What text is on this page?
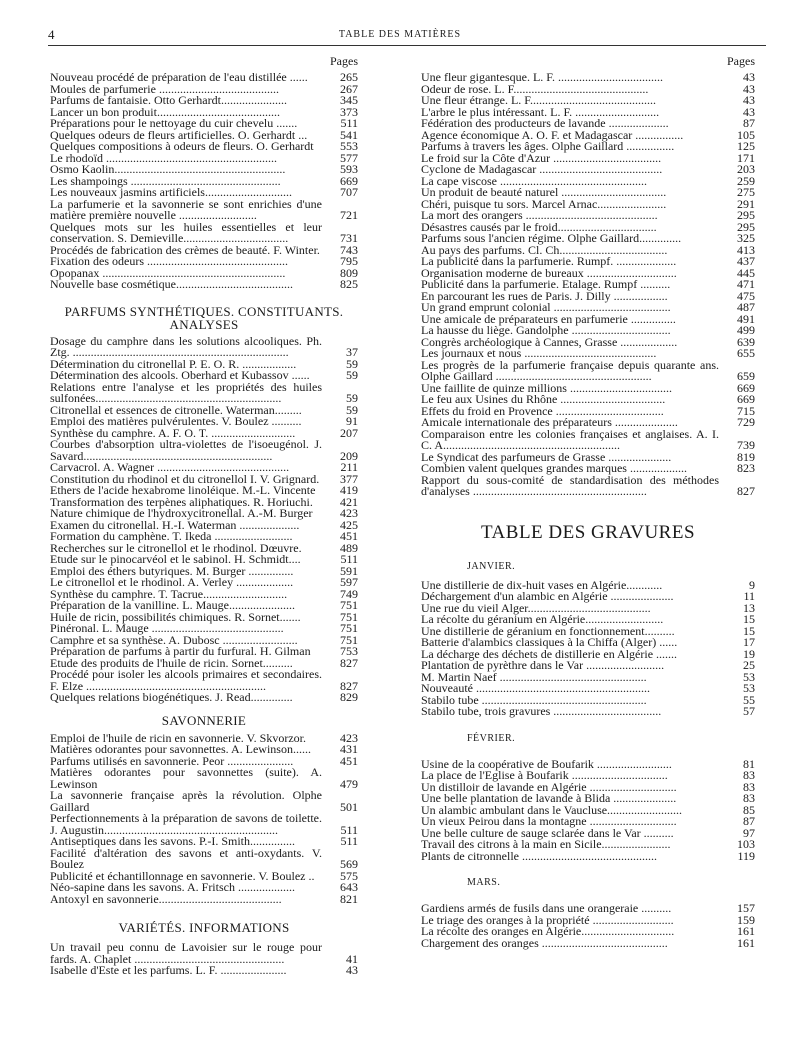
4	TABLE DES MATIÈRES
Pages
Nouveau procédé de préparation de l'eau distillée ......	265
Moules de parfumerie ........................................	267
Parfums de fantaisie. Otto Gerhardt......................	345
Lancer un bon produit.........................................	373
Préparations pour le nettoyage du cuir chevelu .......	511
Quelques odeurs de fleurs artificielles. O. Gerhardt ...	541
Quelques compositions à odeurs de fleurs. O. Gerhardt	553
Le rhodoïd .........................................................	577
Osmo Kaolin.........................................................	593
Les shampoings ..................................................	669
Les nouveaux jasmins artificiels.............................	707
La parfumerie et la savonnerie se sont enrichies d'une matière première nouvelle ..........................	721
Quelques mots sur les huiles essentielles et leur conservation. S. Demieville...................................	731
Procédés de fabrication des crèmes de beauté. F. Winter.	743
Fixation des odeurs ...............................................	795
Opopanax .............................................................	809
Nouvelle base cosmétique.......................................	825
PARFUMS SYNTHÉTIQUES. CONSTITUANTS. ANALYSES
Dosage du camphre dans les solutions alcooliques. Ph. Ztg. ........................................................................	37
Détermination du citronellal P. E. O. R. ..................	59
Détermination des alcools. Oberhard et Kubassov ......	59
Relations entre l'analyse et les propriétés des huiles sulfonées..............................................................	59
Citronellal et essences de citronelle. Waterman.........	59
Emploi des matières pulvérulentes. V. Boulez ..........	91
Synthèse du camphre. A. F. O. T. ............................	207
Courbes d'absorption ultra-violettes de l'isoeugénol. J. Savard...............................................................	209
Carvacrol. A. Wagner ............................................	211
Constitution du rhodinol et du citronellol I. V. Grignard.	377
Ethers de l'acide hexabrome linoléique. M.-L. Vincente	419
Transformation des terpènes aliphatiques. R. Horiuchi.	421
Nature chimique de l'hydroxycitronellal. A.-M. Burger	423
Examen du citronellal. H.-I. Waterman ....................	425
Formation du camphène. T. Ikeda ..........................	451
Recherches sur le citronellol et le rhodinol. Dœuvre.	489
Etude sur le pinocarvéol et le sabinol. H. Schmidt....	511
Emploi des éthers butyriques. M. Burger ...............	591
Le citronellol et le rhodinol. A. Verley ...................	597
Synthèse du camphre. T. Tacrue............................	749
Préparation de la vanilline. L. Mauge......................	751
Huile de ricin, possibilités chimiques. R. Sornet.......	751
Pinéronal. L. Mauge ............................................	751
Camphre et sa synthèse. A. Dubosc .........................	751
Préparation de parfums à partir du furfural. H. Gilman	753
Etude des produits de l'huile de ricin. Sornet..........	827
Procédé pour isoler les alcools primaires et secondaires. F. Elze ............................................................	827
Quelques relations biogénétiques. J. Read..............	829
SAVONNERIE
Emploi de l'huile de ricin en savonnerie. V. Skvorzor.	423
Matières odorantes pour savonnettes. A. Lewinson......	431
Parfums utilisés en savonnerie. Peor ......................	451
Matières odorantes pour savonnettes (suite). A. Lewinson	479
La savonnerie française après la révolution. Olphe Gaillard	501
Perfectionnements à la préparation de savons de toilette. J. Augustin..........................................................	511
Antiseptiques dans les savons. P.-I. Smith...............	511
Facilité d'altération des savons et anti-oxydants. V. Boulez	569
Publicité et échantillonnage en savonnerie. V. Boulez ..	575
Néo-sapine dans les savons. A. Fritsch ...................	643
Antoxyl en savonnerie.........................................	821
VARIÉTÉS. INFORMATIONS
Un travail peu connu de Lavoisier sur le rouge pour fards. A. Chaplet ..................................................	41
Isabelle d'Este et les parfums. L. F. ......................	43
Pages
Une fleur gigantesque. L. F. ...................................	43
Odeur de rose. L. F.............................................	43
Une fleur étrange. L. F..........................................	43
L'arbre le plus intéressant. L. F. ............................	43
Fédération des producteurs de lavande ....................	87
Agence économique A. O. F. et Madagascar ................	105
Parfums à travers les âges. Olphe Gaillard ................	125
Le froid sur la Côte d'Azur ....................................	171
Cyclone de Madagascar .........................................	203
La cape viscose .................................................	259
Un produit de beauté naturel ...................................	275
Chéri, puisque tu sors. Marcel Arnac.......................	291
La mort des orangers ............................................	295
Désastres causés par le froid.................................	295
Parfums sous l'ancien régime. Olphe Gaillard..............	325
Au pays des parfums. Cl. Ch....................................	413
La publicité dans la parfumerie. Rumpf. ....................	437
Organisation moderne de bureaux ..............................	445
Publicité dans la parfumerie. Etalage. Rumpf ..........	471
En parcourant les rues de Paris. J. Dilly ..................	475
Un grand emprunt colonial .......................................	487
Une amicale de préparateurs en parfumerie ...............	491
La hausse du liège. Gandolphe .................................	499
Congrès archéologique à Cannes, Grasse ...................	639
Les journaux et nous ............................................	655
Les progrès de la parfumerie française depuis quarante ans. Olphe Gaillard ....................................................	659
Une faillite de quinze millions ..................................	669
Le feu aux Usines du Rhône ...................................	669
Effets du froid en Provence ....................................	715
Amicale internationale des préparateurs .....................	729
Comparaison entre les colonies françaises et anglaises. A. I. C. A...........................................................	739
Le Syndicat des parfumeurs de Grasse .....................	819
Combien valent quelques grandes marques ...................	823
Rapport du sous-comité de standardisation des méthodes d'analyses ..........................................................	827
TABLE DES GRAVURES
JANVIER.
Une distillerie de dix-huit vases en Algérie............	9
Déchargement d'un alambic en Algérie .....................	11
Une rue du vieil Alger.........................................	13
La récolte du géranium en Algérie..........................	15
Une distillerie de géranium en fonctionnement..........	15
Batterie d'alambics classiques à la Chiffa (Alger) ......	17
La décharge des déchets de distillerie en Algérie .......	19
Plantation de pyrèthre dans le Var ..........................	25
M. Martin Naef .................................................	53
Nouveauté ..........................................................	53
Stabilo tube .......................................................	55
Stabilo tube, trois gravures ....................................	57
FÉVRIER.
Usine de la coopérative de Boufarik .........................	81
La place de l'Eglise à Boufarik ................................	83
Un distilloir de lavande en Algérie .............................	83
Une belle plantation de lavande à Blida .....................	83
Un alambic ambulant dans le Vaucluse.........................	85
Un vieux Peirou dans la montagne .............................	87
Une belle culture de sauge sclarée dans le Var ..........	97
Travail des citrons à la main en Sicile.......................	103
Plants de citronnelle .............................................	119
MARS.
Gardiens armés de fusils dans une orangeraie ..........	157
Le triage des oranges à la propriété ...........................	159
La récolte des oranges en Algérie...............................	161
Chargement des oranges ..........................................	161
